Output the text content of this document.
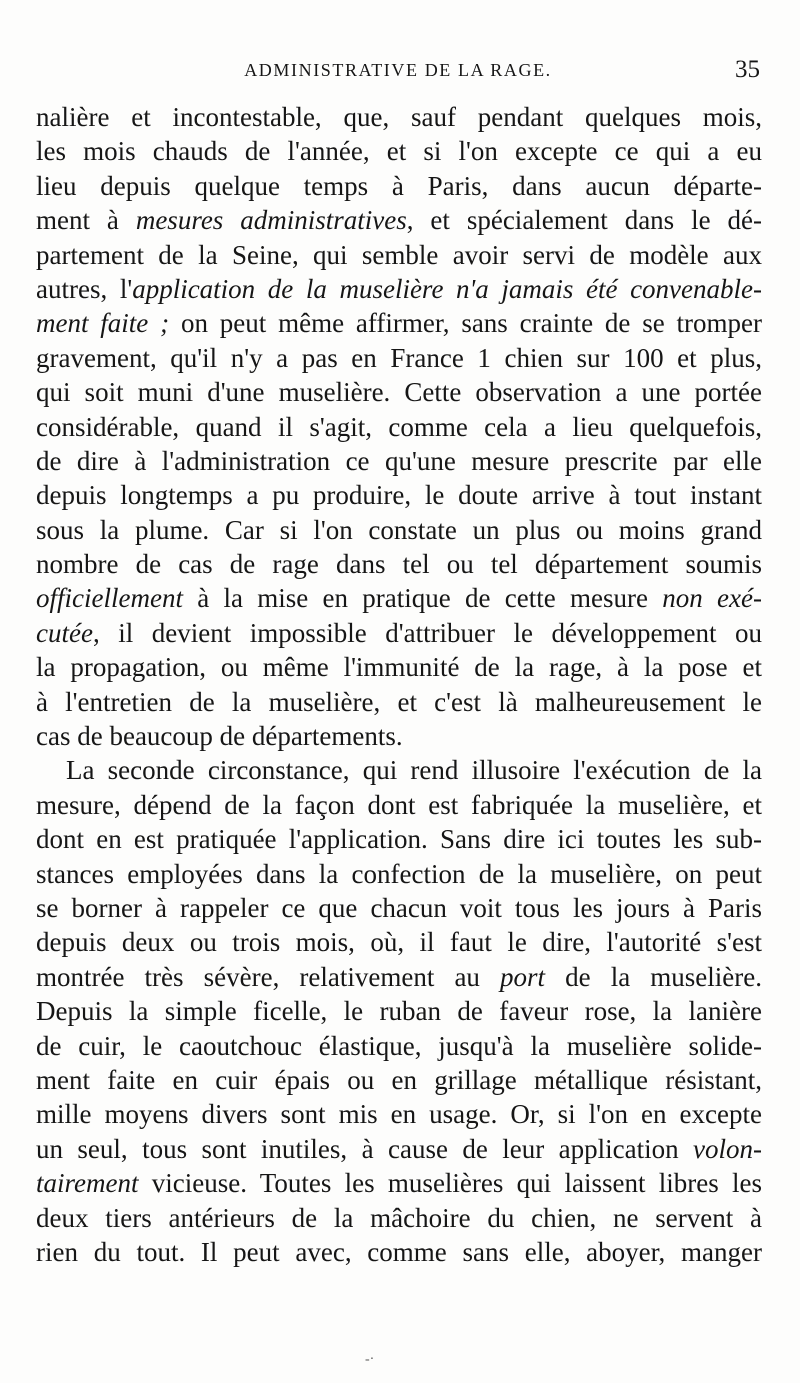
ADMINISTRATIVE DE LA RAGE.	35
nalière et incontestable, que, sauf pendant quelques mois,
les mois chauds de l'année, et si l'on excepte ce qui a eu
lieu depuis quelque temps à Paris, dans aucun départe-
ment à mesures administratives, et spécialement dans le dé-
partement de la Seine, qui semble avoir servi de modèle aux
autres, l'application de la muselière n'a jamais été convenable-
ment faite ; on peut même affirmer, sans crainte de se tromper
gravement, qu'il n'y a pas en France 1 chien sur 100 et plus,
qui soit muni d'une muselière. Cette observation a une portée
considérable, quand il s'agit, comme cela a lieu quelquefois,
de dire à l'administration ce qu'une mesure prescrite par elle
depuis longtemps a pu produire, le doute arrive à tout instant
sous la plume. Car si l'on constate un plus ou moins grand
nombre de cas de rage dans tel ou tel département soumis
officiellement à la mise en pratique de cette mesure non exé-
cutée, il devient impossible d'attribuer le développement ou
la propagation, ou même l'immunité de la rage, à la pose et
à l'entretien de la muselière, et c'est là malheureusement le
cas de beaucoup de départements.
La seconde circonstance, qui rend illusoire l'exécution de la
mesure, dépend de la façon dont est fabriquée la muselière, et
dont en est pratiquée l'application. Sans dire ici toutes les sub-
stances employées dans la confection de la muselière, on peut
se borner à rappeler ce que chacun voit tous les jours à Paris
depuis deux ou trois mois, où, il faut le dire, l'autorité s'est
montrée très sévère, relativement au port de la muselière.
Depuis la simple ficelle, le ruban de faveur rose, la lanière
de cuir, le caoutchouc élastique, jusqu'à la muselière solide-
ment faite en cuir épais ou en grillage métallique résistant,
mille moyens divers sont mis en usage. Or, si l'on en excepte
un seul, tous sont inutiles, à cause de leur application volon-
tairement vicieuse. Toutes les muselières qui laissent libres les
deux tiers antérieurs de la mâchoire du chien, ne servent à
rien du tout. Il peut avec, comme sans elle, aboyer, manger
-·
